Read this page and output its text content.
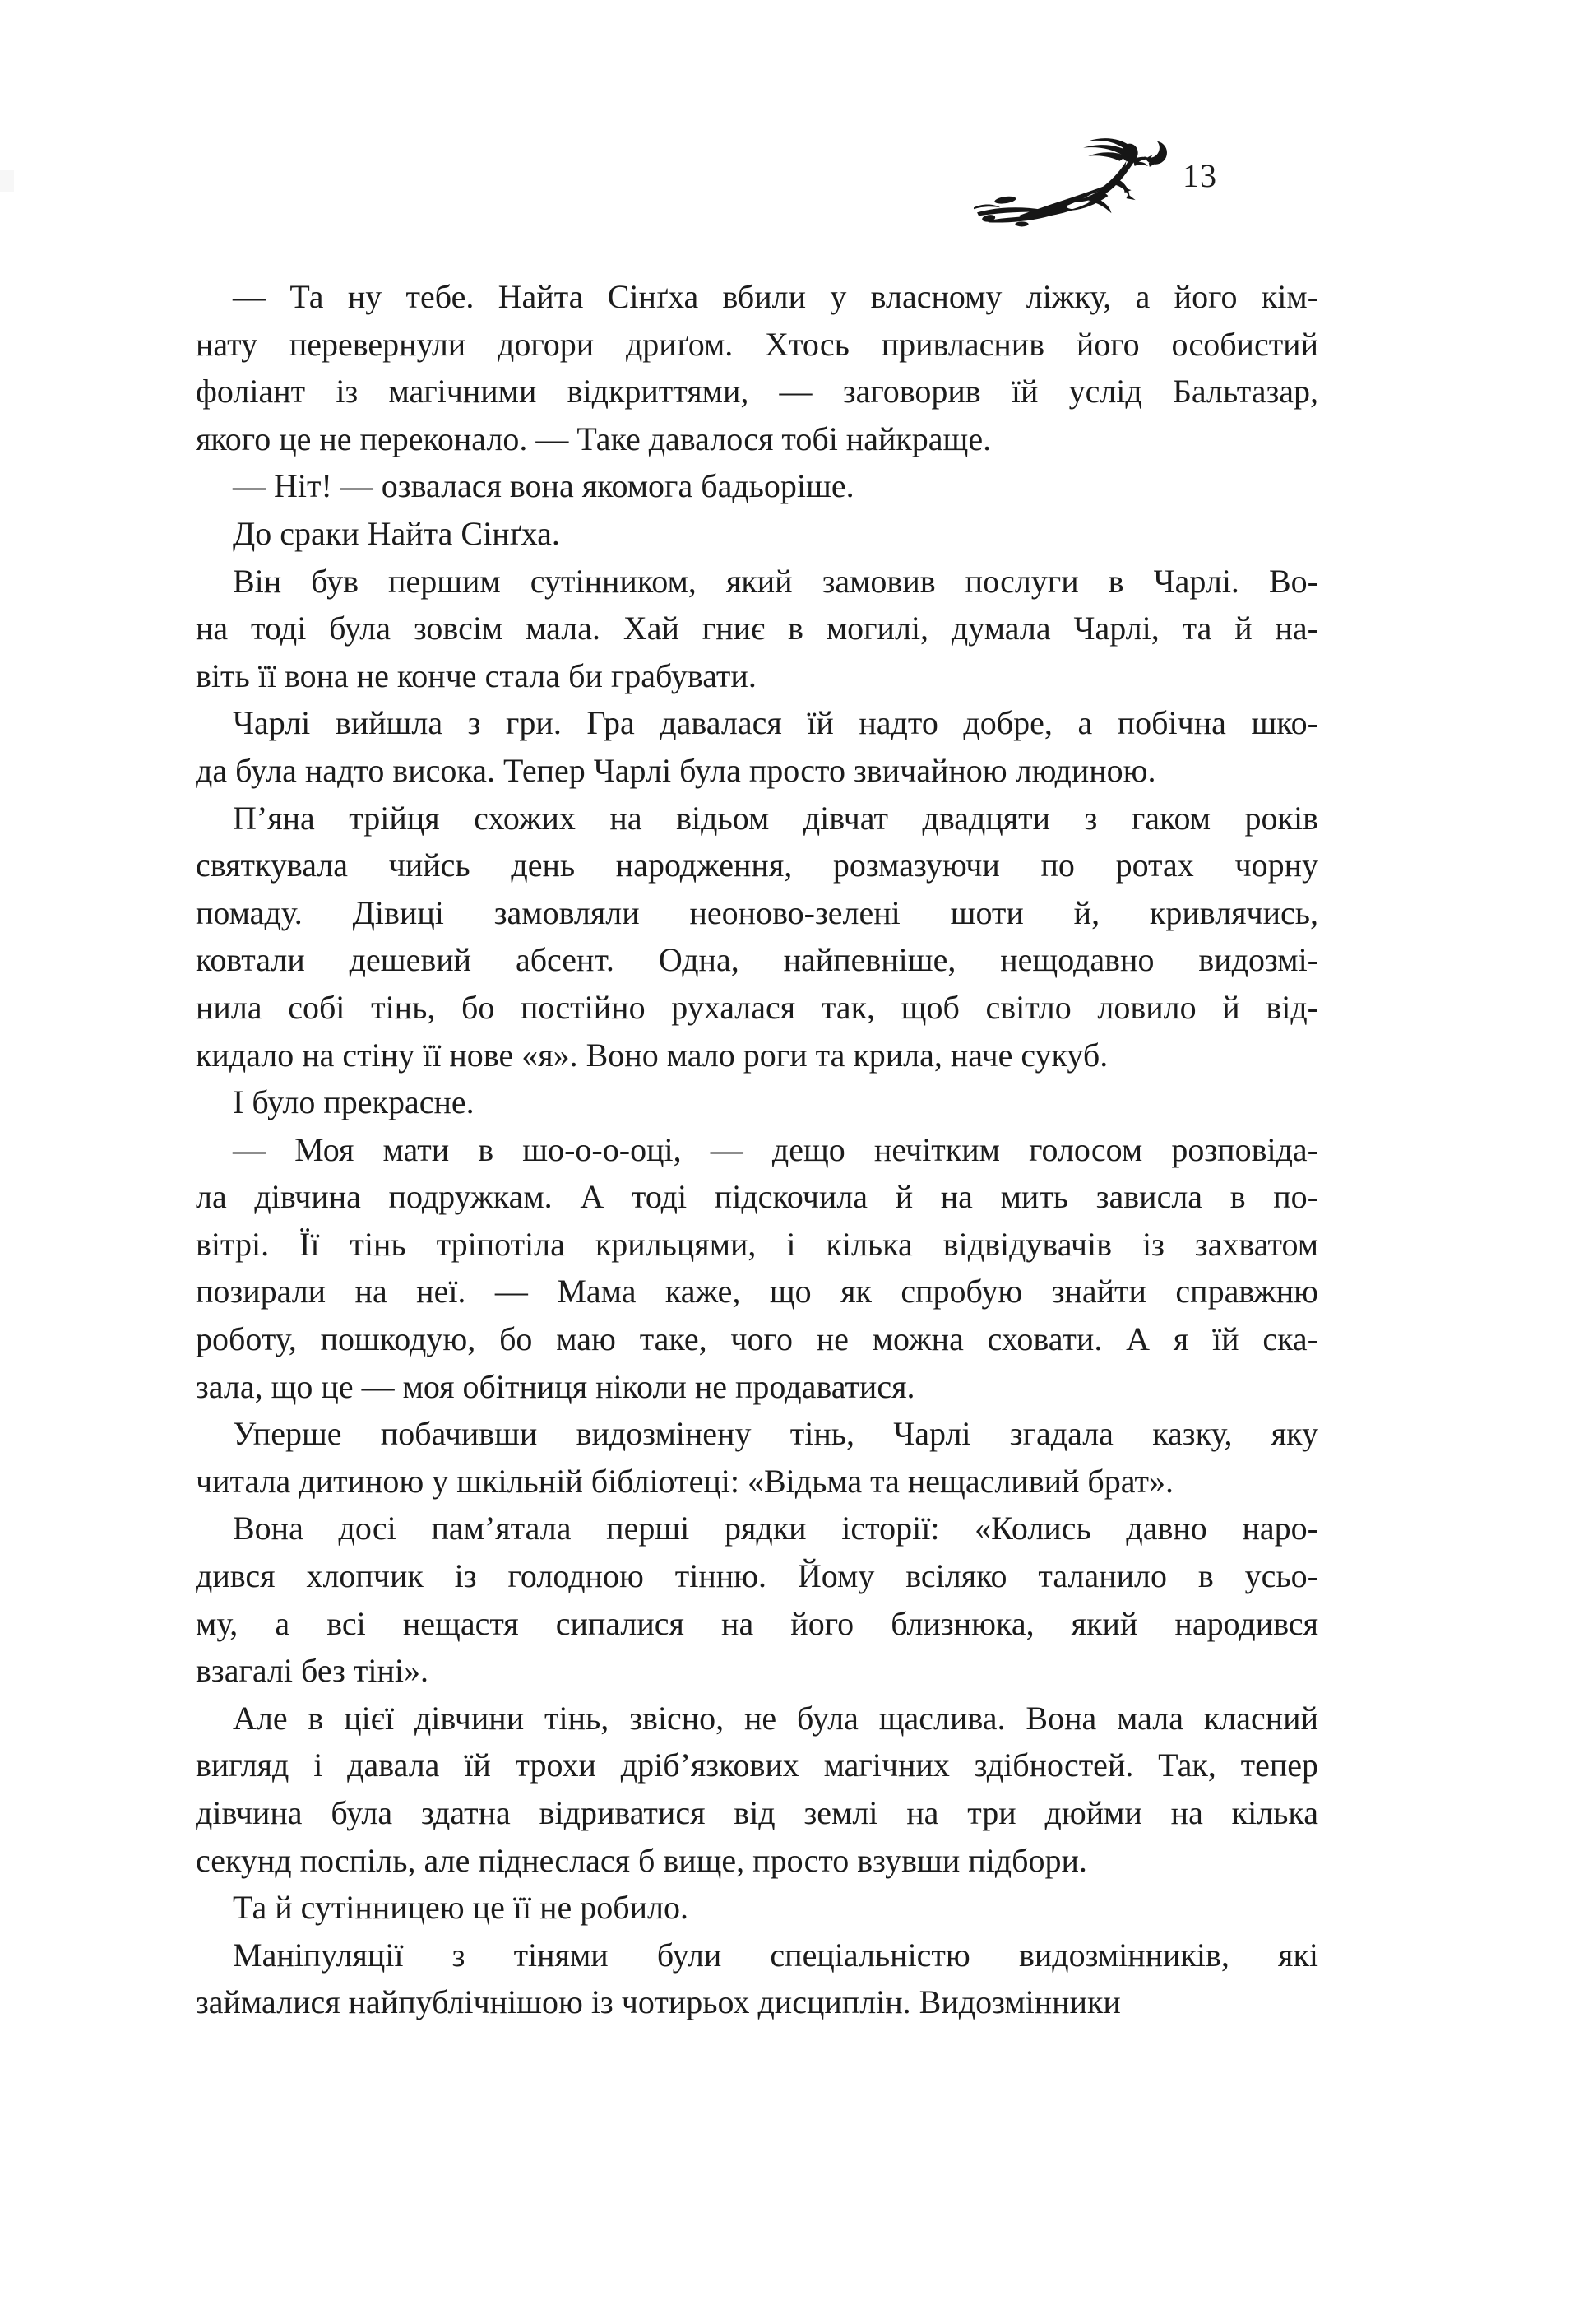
13
— Та ну тебе. Найта Сінґха вбили у власному ліжку, а його кім-
нату перевернули догори дриґом. Хтось привласнив його особистий
фоліант із магічними відкриттями, — заговорив їй услід Бальтазар,
якого це не переконало. — Таке давалося тобі найкраще.
— Ніт! — озвалася вона якомога бадьоріше.
До сраки Найта Сінґха.
Він був першим сутінником, який замовив послуги в Чарлі. Во-
на тоді була зовсім мала. Хай гниє в могилі, думала Чарлі, та й на-
віть її вона не конче стала би грабувати.
Чарлі вийшла з гри. Гра давалася їй надто добре, а побічна шко-
да була надто висока. Тепер Чарлі була просто звичайною людиною.
П’яна трійця схожих на відьом дівчат двадцяти з гаком років
святкувала чийсь день народження, розмазуючи по ротах чорну
помаду. Дівиці замовляли неоново-зелені шоти й, кривлячись,
ковтали дешевий абсент. Одна, найпевніше, нещодавно видозмі-
нила собі тінь, бо постійно рухалася так, щоб світло ловило й від-
кидало на стіну її нове «я». Воно мало роги та крила, наче сукуб.
І було прекрасне.
— Моя мати в шо-о-о-оці, — дещо нечітким голосом розповіда-
ла дівчина подружкам. А тоді підскочила й на мить зависла в по-
вітрі. Її тінь тріпотіла крильцями, і кілька відвідувачів із захватом
позирали на неї. — Мама каже, що як спробую знайти справжню
роботу, пошкодую, бо маю таке, чого не можна сховати. А я їй ска-
зала, що це — моя обітниця ніколи не продаватися.
Уперше побачивши видозмінену тінь, Чарлі згадала казку, яку
читала дитиною у шкільній бібліотеці: «Відьма та нещасливий брат».
Вона досі пам’ятала перші рядки історії: «Колись давно наро-
дився хлопчик із голодною тінню. Йому всіляко таланило в усьо-
му, а всі нещастя сипалися на його близнюка, який народився
взагалі без тіні».
Але в цієї дівчини тінь, звісно, не була щаслива. Вона мала класний
вигляд і давала їй трохи дріб’язкових магічних здібностей. Так, тепер
дівчина була здатна відриватися від землі на три дюйми на кілька
секунд поспіль, але піднеслася б вище, просто взувши підбори.
Та й сутінницею це її не робило.
Маніпуляції з тінями були спеціальністю видозмінників, які
займалися найпублічнішою із чотирьох дисциплін. Видозмінники
